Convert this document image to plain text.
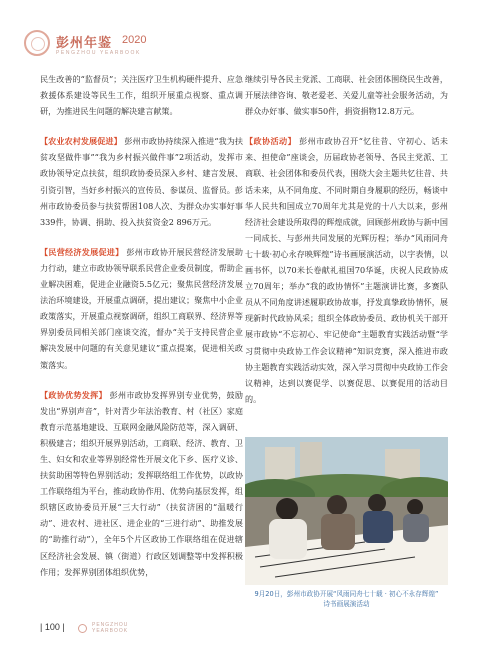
彭州年鉴 2020
PENGZHOU YEARBOOK

民生改善的“监督员”；关注医疗卫生机构硬件提升、应急救援体系建设等民生工作，组织开展重点视察、重点调研，为推进民生问题的解决建言献策。

【农业农村发展促进】 彭州市政协持续深入推进“我为扶贫攻坚做件事”“我为乡村振兴做件事”2项活动，发挥市政协领导定点扶贫，组织政协委员深入乡村、建言发展、引资引智，当好乡村振兴的宣传员、参谋员、监督员。彭州市政协委员参与扶贫帮困108人次、为群众办实事好事339件，协调、捐助、投入扶贫资金2 896万元。

【民营经济发展促进】 彭州市政协开展民营经济发展助力行动，建立市政协领导联系民营企业委员制度，帮助企业解决困难，促进企业融资5.5亿元；聚焦民营经济发展法治环境建设，开展重点调研，提出建议；聚焦中小企业政策落实，开展重点视察调研，组织工商联界、经济界等界别委员同相关部门座谈交流，督办“关于支持民营企业解决发展中问题的有关意见建议”重点提案，促进相关政策落实。

【政协优势发挥】 彭州市政协发挥界别专业优势，鼓励发出“界别声音”，针对青少年法治教育、村（社区）家庭教育示范基地建设、互联网金融风险防范等，深入调研、积极建言；组织开展界别活动，工商联、经济、教育、卫生、妇女和农业等界别经常性开展文化下乡、医疗义诊、扶贫助困等特色界别活动；发挥联络组工作优势，以政协工作联络组为平台，推动政协作用、优势向基层发挥，组织辖区政协委员开展“三大行动”（扶贫济困的“温暖行动”、进农村、进社区、进企业的“三进行动”、助推发展的“助推行动”），全年5个片区政协工作联络组在促进辖区经济社会发展、镇（街道）行政区划调整等中发挥积极作用；发挥界别团体组织优势，

继续引导各民主党派、工商联、社会团体围绕民生改善，开展法律咨询、敬老爱老、关爱儿童等社会服务活动，为群众办好事、做实事50件，捐资捐物12.8万元。

【政协活动】 彭州市政协召开“忆往昔、守初心、话未来、担使命”座谈会，历届政协老领导、各民主党派、工商联、社会团体和委员代表，围绕大会主题共忆往昔、共话未来，从不同角度、不同时期自身履职的经历，畅谈中华人民共和国成立70周年尤其是党的十八大以来，彭州经济社会建设所取得的辉煌成就，回顾彭州政协与新中国一同成长、与彭州共同发展的光辉历程；举办“风雨同舟七十载·初心永存映辉煌”诗书画展演活动，以字表情，以画书怀，以70米长卷献礼祖国70华诞，庆祝人民政协成立70周年；举办“我的政协情怀”主题演讲比赛，多赛队员从不同角度讲述履职政协故事，抒发真挚政协情怀，展现新时代政协风采；组织全体政协委员、政协机关干部开展市政协“不忘初心、牢记使命”主题教育实践活动暨“学习贯彻中央政协工作会议精神”知识竞赛，深入推进市政协主题教育实践活动实效，深入学习贯彻中央政协工作会议精神，达到以赛促学、以赛促思、以赛促用的活动目的。

9月20日，彭州市政协开展“风雨同舟七十载 · 初心不永存辉煌”
诗书画展演活动
| 100 |	PENGZHOU
YEARBOOK
